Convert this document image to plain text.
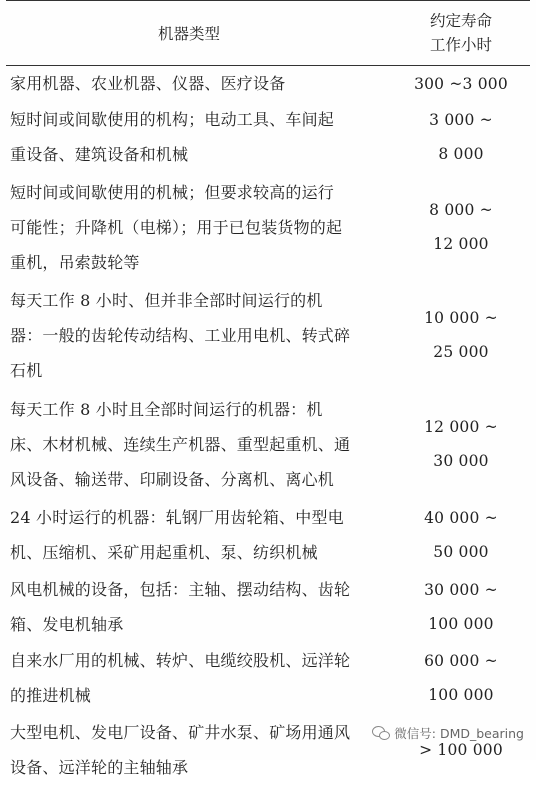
机器类型	约定寿命
工作小时

家用机器、农业机器、仪器、医疗设备	300 ~3 000

短时间或间歇使用的机构；电动工具、车间起
重设备、建筑设备和机械	3 000 ~
8 000

短时间或间歇使用的机械；但要求较高的运行
可能性；升降机（电梯）；用于已包装货物的起
重机，吊索鼓轮等	8 000 ~
12 000

每天工作 8 小时、但并非全部时间运行的机
器：一般的齿轮传动结构、工业用电机、转式碎
石机	10 000 ~
25 000

每天工作 8 小时且全部时间运行的机器：机
床、木材机械、连续生产机器、重型起重机、通
风设备、输送带、印刷设备、分离机、离心机	12 000 ~
30 000

24 小时运行的机器：轧钢厂用齿轮箱、中型电
机、压缩机、采矿用起重机、泵、纺织机械	40 000 ~
50 000

风电机械的设备，包括：主轴、摆动结构、齿轮
箱、发电机轴承	30 000 ~
100 000

自来水厂用的机械、转炉、电缆绞股机、远洋轮
的推进机械	60 000 ~
100 000

大型电机、发电厂设备、矿井水泵、矿场用通风
设备、远洋轮的主轴轴承	> 100 000
微信号: DMD_bearing
